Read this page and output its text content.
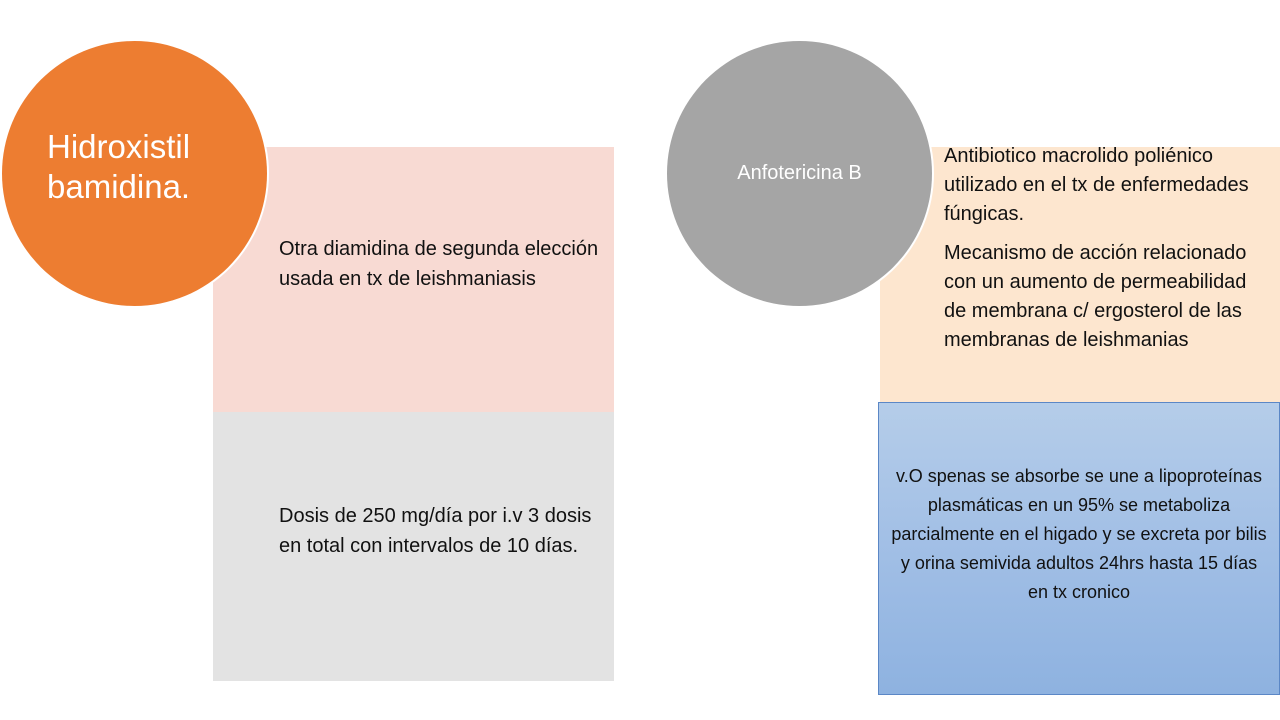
Otra diamidina de segunda elección usada en tx de leishmaniasis
Dosis de 250 mg/día por i.v 3 dosis en total con intervalos de 10 días.
Hidroxistil bamidina.

Antibiotico macrolido poliénico utilizado en el tx de enfermedades fúngicas.

Mecanismo de acción relacionado con un aumento de permeabilidad de membrana c/ ergosterol de las membranas de leishmanias

Anfotericina B
v.O spenas se absorbe se une a lipoproteínas plasmáticas en un 95% se metaboliza parcialmente en el higado y se excreta por bilis y orina semivida adultos 24hrs hasta 15 días en tx cronico
